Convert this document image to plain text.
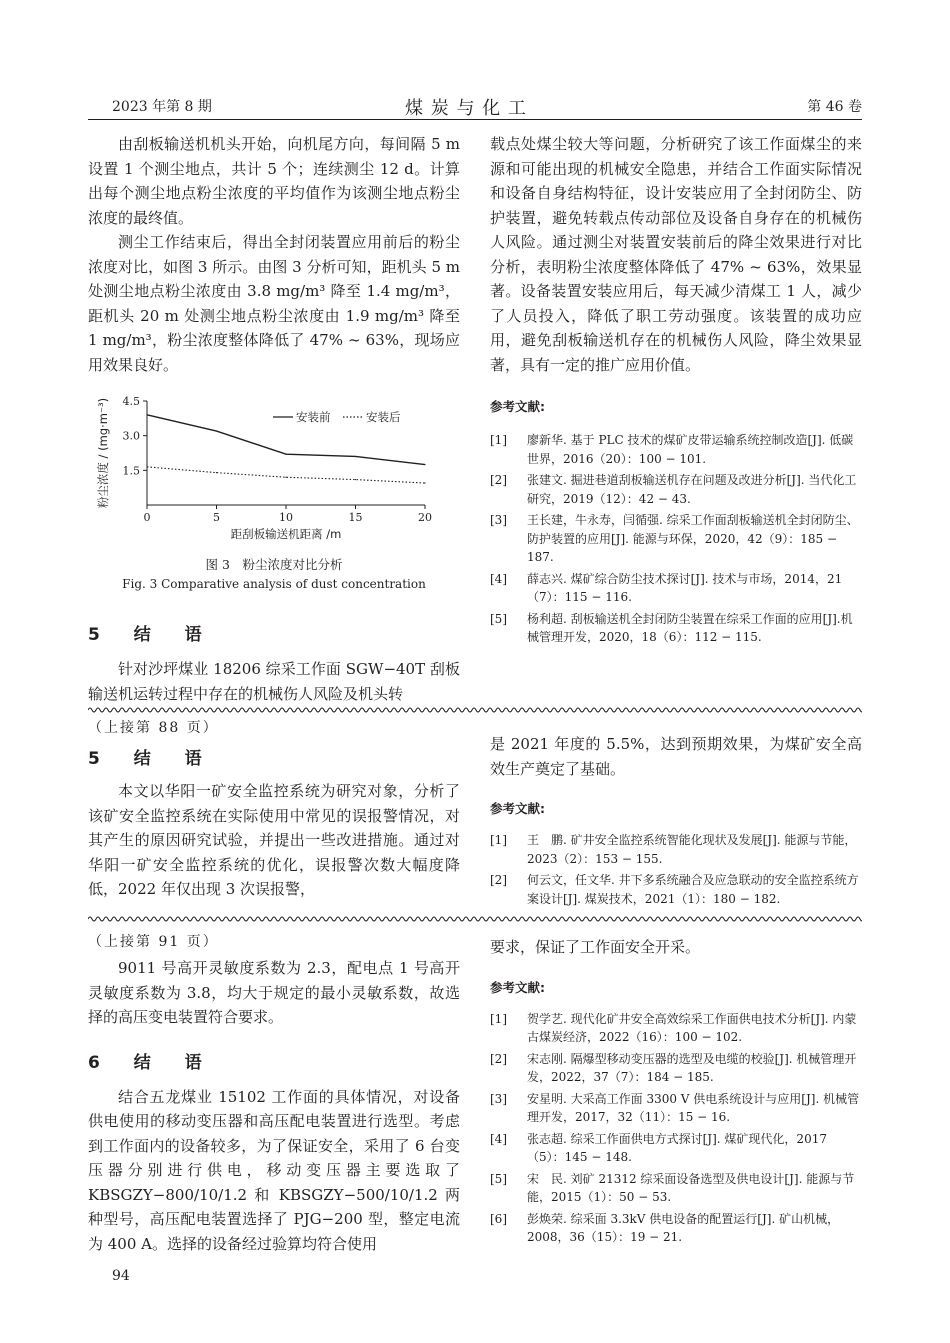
2023 年第 8 期	煤 炭 与 化 工	第 46 卷

由刮板输送机机头开始，向机尾方向，每间隔 5 m 设置 1 个测尘地点，共计 5 个；连续测尘 12 d。计算出每个测尘地点粉尘浓度的平均值作为该测尘地点粉尘浓度的最终值。

测尘工作结束后，得出全封闭装置应用前后的粉尘浓度对比，如图 3 所示。由图 3 分析可知，距机头 5 m 处测尘地点粉尘浓度由 3.8 mg/m³ 降至 1.4 mg/m³，距机头 20 m 处测尘地点粉尘浓度由 1.9 mg/m³ 降至 1 mg/m³，粉尘浓度整体降低了 47% ~ 63%，现场应用效果良好。

0	5	10	15	20
1.5
3.0
4.5
距刮板输送机距离 /m
粉尘浓度 / (mg·m⁻³)	安装前	安装后
图 3　粉尘浓度对比分析
Fig. 3 Comparative analysis of dust concentration
5 结 语

针对沙坪煤业 18206 综采工作面 SGW−40T 刮板输送机运转过程中存在的机械伤人风险及机头转

载点处煤尘较大等问题，分析研究了该工作面煤尘的来源和可能出现的机械安全隐患，并结合工作面实际情况和设备自身结构特征，设计安装应用了全封闭防尘、防护装置，避免转载点传动部位及设备自身存在的机械伤人风险。通过测尘对装置安装前后的降尘效果进行对比分析，表明粉尘浓度整体降低了 47% ~ 63%，效果显著。设备装置安装应用后，每天减少清煤工 1 人，减少了人员投入，降低了职工劳动强度。该装置的成功应用，避免刮板输送机存在的机械伤人风险，降尘效果显著，具有一定的推广应用价值。

参考文献:

[1] 廖新华. 基于 PLC 技术的煤矿皮带运输系统控制改造[J]. 低碳世界，2016（20）：100 − 101.
[2] 张建文. 掘进巷道刮板输送机存在问题及改进分析[J]. 当代化工研究，2019（12）：42 − 43.
[3] 王长建，牛永寿，闫循强. 综采工作面刮板输送机全封闭防尘、防护装置的应用[J]. 能源与环保，2020，42（9）：185 − 187.
[4] 薛志兴. 煤矿综合防尘技术探讨[J]. 技术与市场，2014，21（7）：115 − 116.
[5] 杨利超. 刮板输送机全封闭防尘装置在综采工作面的应用[J].机械管理开发，2020，18（6）：112 − 115.
（上接第 88 页）
5 结 语

本文以华阳一矿安全监控系统为研究对象，分析了该矿安全监控系统在实际使用中常见的误报警情况，对其产生的原因研究试验，并提出一些改进措施。通过对华阳一矿安全监控系统的优化，误报警次数大幅度降低，2022 年仅出现 3 次误报警，

是 2021 年度的 5.5%，达到预期效果，为煤矿安全高效生产奠定了基础。

参考文献:

[1] 王　鹏. 矿井安全监控系统智能化现状及发展[J]. 能源与节能，2023（2）：153 − 155.
[2] 何云文，任文华. 井下多系统融合及应急联动的安全监控系统方案设计[J]. 煤炭技术，2021（1）：180 − 182.
（上接第 91 页）

9011 号高开灵敏度系数为 2.3，配电点 1 号高开灵敏度系数为 3.8，均大于规定的最小灵敏系数，故选择的高压变电装置符合要求。

6 结 语

结合五龙煤业 15102 工作面的具体情况，对设备供电使用的移动变压器和高压配电装置进行选型。考虑到工作面内的设备较多，为了保证安全，采用了 6 台变压器分别进行供电，移动变压器主要选取了 KBSGZY−800/10/1.2 和 KBSGZY−500/10/1.2 两种型号，高压配电装置选择了 PJG−200 型，整定电流为 400 A。选择的设备经过验算均符合使用

要求，保证了工作面安全开采。

参考文献:

[1] 贺学艺. 现代化矿井安全高效综采工作面供电技术分析[J]. 内蒙古煤炭经济，2022（16）：100 − 102.
[2] 宋志刚. 隔爆型移动变压器的选型及电缆的校验[J]. 机械管理开发，2022，37（7）：184 − 185.
[3] 安星明. 大采高工作面 3300 V 供电系统设计与应用[J]. 机械管理开发，2017，32（11）：15 − 16.
[4] 张志超. 综采工作面供电方式探讨[J]. 煤矿现代化，2017（5）：145 − 148.
[5] 宋　民. 刘矿 21312 综采面设备选型及供电设计[J]. 能源与节能，2015（1）：50 − 53.
[6] 彭焕荣. 综采面 3.3kV 供电设备的配置运行[J]. 矿山机械，2008，36（15）：19 − 21.
94
